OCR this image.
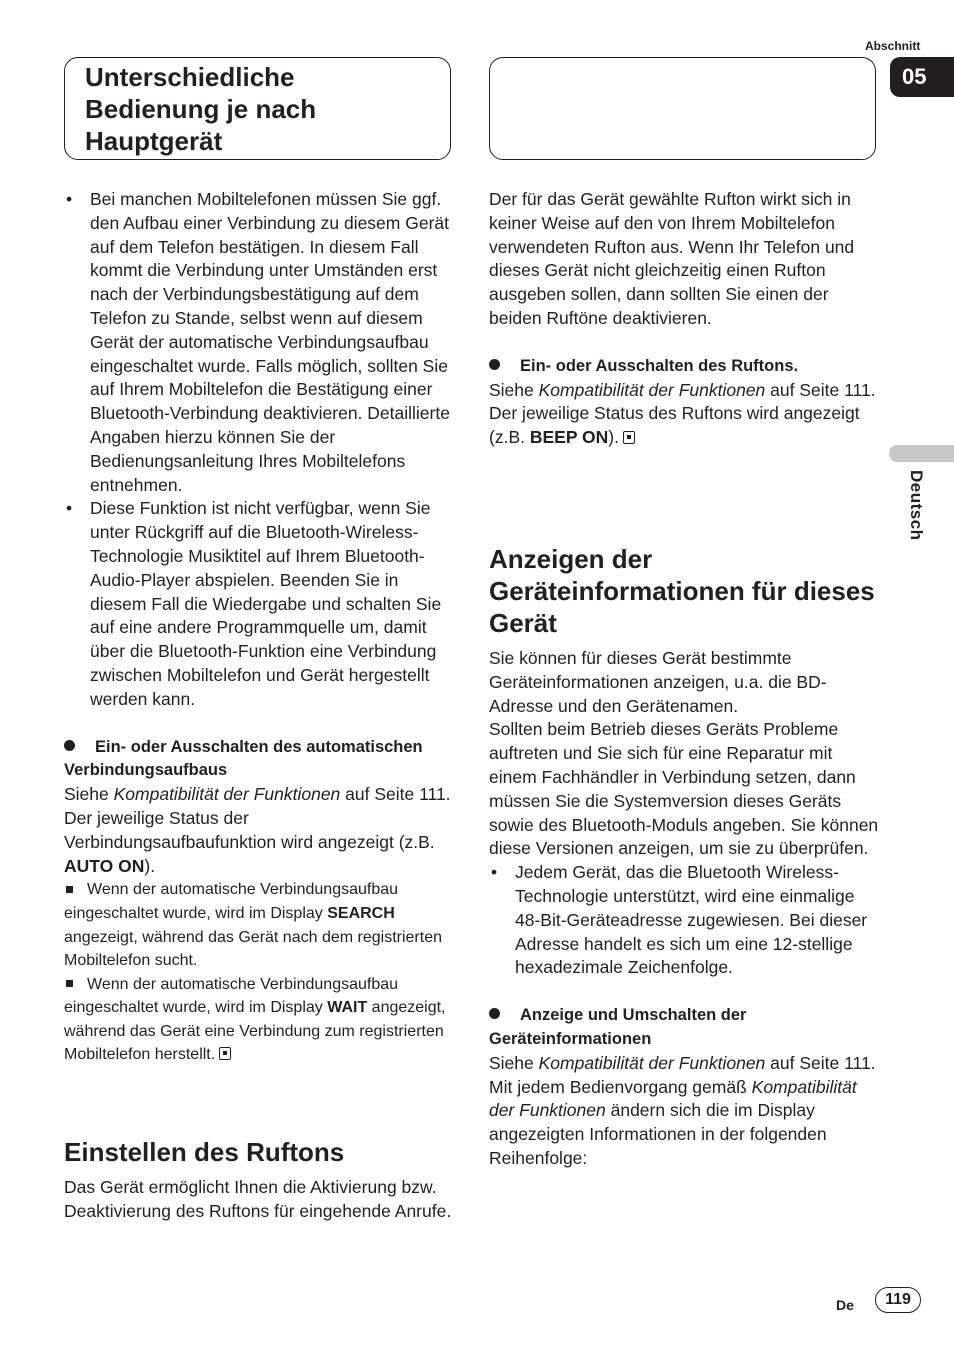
Abschnitt
05
Deutsch
Unterschiedliche Bedienung je nach Hauptgerät
• Bei manchen Mobiltelefonen müssen Sie ggf. den Aufbau einer Verbindung zu diesem Gerät auf dem Telefon bestätigen. In diesem Fall kommt die Verbindung unter Umständen erst nach der Verbindungsbestätigung auf dem Telefon zu Stande, selbst wenn auf diesem Gerät der automatische Verbindungsaufbau eingeschaltet wurde. Falls möglich, sollten Sie auf Ihrem Mobiltelefon die Bestätigung einer Bluetooth-Verbindung deaktivieren. Detaillierte Angaben hierzu können Sie der Bedienungsanleitung Ihres Mobiltelefons entnehmen.
• Diese Funktion ist nicht verfügbar, wenn Sie unter Rückgriff auf die Bluetooth-Wireless-Technologie Musiktitel auf Ihrem Bluetooth-Audio-Player abspielen. Beenden Sie in diesem Fall die Wiedergabe und schalten Sie auf eine andere Programmquelle um, damit über die Bluetooth-Funktion eine Verbindung zwischen Mobiltelefon und Gerät hergestellt werden kann.
Ein- oder Ausschalten des automatischen Verbindungsaufbaus

Siehe Kompatibilität der Funktionen auf Seite 111.

Der jeweilige Status der Verbindungsaufbaufunktion wird angezeigt (z.B. AUTO ON).

Wenn der automatische Verbindungsaufbau eingeschaltet wurde, wird im Display SEARCH angezeigt, während das Gerät nach dem registrierten Mobiltelefon sucht.

Wenn der automatische Verbindungsaufbau eingeschaltet wurde, wird im Display WAIT angezeigt, während das Gerät eine Verbindung zum registrierten Mobiltelefon herstellt.

Einstellen des Ruftons

Das Gerät ermöglicht Ihnen die Aktivierung bzw. Deaktivierung des Ruftons für eingehende Anrufe.

Der für das Gerät gewählte Rufton wirkt sich in keiner Weise auf den von Ihrem Mobiltelefon verwendeten Rufton aus. Wenn Ihr Telefon und dieses Gerät nicht gleichzeitig einen Rufton ausgeben sollen, dann sollten Sie einen der beiden Ruftöne deaktivieren.

Ein- oder Ausschalten des Ruftons.

Siehe Kompatibilität der Funktionen auf Seite 111.

Der jeweilige Status des Ruftons wird angezeigt (z.B. BEEP ON).

Anzeigen der Geräteinformationen für dieses Gerät

Sie können für dieses Gerät bestimmte Geräteinformationen anzeigen, u.a. die BD-Adresse und den Gerätenamen.

Sollten beim Betrieb dieses Geräts Probleme auftreten und Sie sich für eine Reparatur mit einem Fachhändler in Verbindung setzen, dann müssen Sie die Systemversion dieses Geräts sowie des Bluetooth-Moduls angeben. Sie können diese Versionen anzeigen, um sie zu überprüfen.

• Jedem Gerät, das die Bluetooth Wireless-Technologie unterstützt, wird eine einmalige 48-Bit-Geräteadresse zugewiesen. Bei dieser Adresse handelt es sich um eine 12-stellige hexadezimale Zeichenfolge.
Anzeige und Umschalten der Geräteinformationen

Siehe Kompatibilität der Funktionen auf Seite 111.

Mit jedem Bedienvorgang gemäß Kompatibilität der Funktionen ändern sich die im Display angezeigten Informationen in der folgenden Reihenfolge:

De	119
